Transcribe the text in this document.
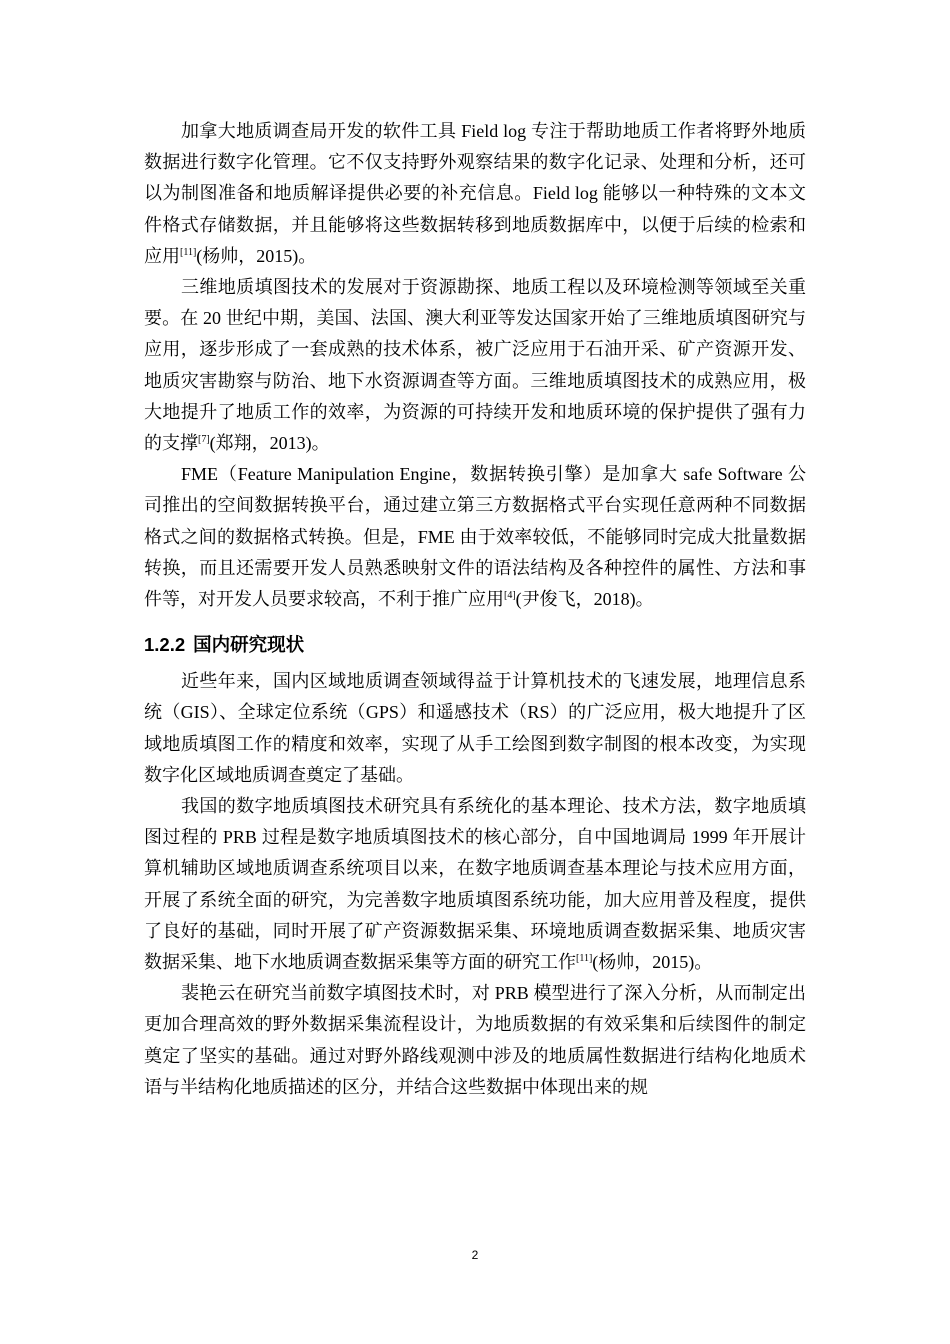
加拿大地质调查局开发的软件工具 Field log 专注于帮助地质工作者将野外地质数据进行数字化管理。它不仅支持野外观察结果的数字化记录、处理和分析，还可以为制图准备和地质解译提供必要的补充信息。Field log 能够以一种特殊的文本文件格式存储数据，并且能够将这些数据转移到地质数据库中，以便于后续的检索和应用[11](杨帅，2015)。

三维地质填图技术的发展对于资源勘探、地质工程以及环境检测等领域至关重要。在 20 世纪中期，美国、法国、澳大利亚等发达国家开始了三维地质填图研究与应用，逐步形成了一套成熟的技术体系，被广泛应用于石油开采、矿产资源开发、地质灾害勘察与防治、地下水资源调查等方面。三维地质填图技术的成熟应用，极大地提升了地质工作的效率，为资源的可持续开发和地质环境的保护提供了强有力的支撑[7](郑翔，2013)。

FME（Feature Manipulation Engine，数据转换引擎）是加拿大 safe Software 公司推出的空间数据转换平台，通过建立第三方数据格式平台实现任意两种不同数据格式之间的数据格式转换。但是，FME 由于效率较低，不能够同时完成大批量数据转换，而且还需要开发人员熟悉映射文件的语法结构及各种控件的属性、方法和事件等，对开发人员要求较高，不利于推广应用[4](尹俊飞，2018)。

1.2.2 国内研究现状

近些年来，国内区域地质调查领域得益于计算机技术的飞速发展，地理信息系统（GIS）、全球定位系统（GPS）和遥感技术（RS）的广泛应用，极大地提升了区域地质填图工作的精度和效率，实现了从手工绘图到数字制图的根本改变，为实现数字化区域地质调查奠定了基础。

我国的数字地质填图技术研究具有系统化的基本理论、技术方法，数字地质填图过程的 PRB 过程是数字地质填图技术的核心部分，自中国地调局 1999 年开展计算机辅助区域地质调查系统项目以来，在数字地质调查基本理论与技术应用方面，开展了系统全面的研究，为完善数字地质填图系统功能，加大应用普及程度，提供了良好的基础，同时开展了矿产资源数据采集、环境地质调查数据采集、地质灾害数据采集、地下水地质调查数据采集等方面的研究工作[11](杨帅，2015)。

裴艳云在研究当前数字填图技术时，对 PRB 模型进行了深入分析，从而制定出更加合理高效的野外数据采集流程设计，为地质数据的有效采集和后续图件的制定奠定了坚实的基础。通过对野外路线观测中涉及的地质属性数据进行结构化地质术语与半结构化地质描述的区分，并结合这些数据中体现出来的规

2
